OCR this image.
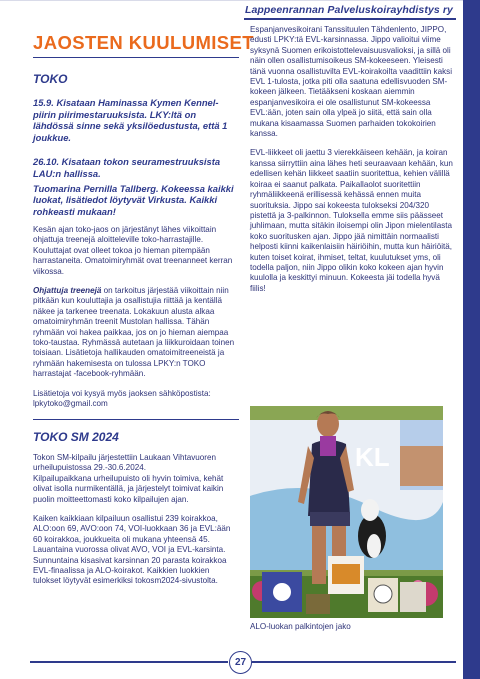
Lappeenrannan Palveluskoirayhdistys ry
JAOSTEN KUULUMISET
TOKO
15.9. Kisataan Haminassa Kymen Kennel-piirin piirimestaruuksista. LKY:ltä on lähdössä sinne sekä yksilöedustusta, että 1 joukkue.
26.10. Kisataan tokon seuramestruuksista LAU:n hallissa.
Tuomarina Pernilla Tallberg. Kokeessa kaikki luokat, lisätiedot löytyvät Virkusta. Kaikki rohkeasti mukaan!

Kesän ajan toko-jaos on järjestänyt lähes viikoittain ohjattuja treenejä aloitteleville toko-harrastajille. Kouluttajat ovat olleet tokoa jo hieman pitempään harrastaneita. Omatoimiryhmät ovat treenanneet kerran viikossa.

Ohjattuja treenejä on tarkoitus järjestää viikoittain niin pitkään kun kouluttajia ja osallistujia riittää ja kentällä näkee ja tarkenee treenata. Lokakuun alusta alkaa omatoimiryhmän treenit Mustolan hallissa. Tähän ryhmään voi hakea paikkaa, jos on jo hieman aiempaa toko-taustaa. Ryhmässä autetaan ja liikkuroidaan toinen toisiaan. Lisätietoja hallikauden omatoimitreeneistä ja ryhmään hakemisesta on tulossa LPKY:n TOKO harrastajat -facebook-ryhmään.

Lisätietoja voi kysyä myös jaoksen sähköpostista: lpkytoko@gmail.com

TOKO SM 2024

Tokon SM-kilpailu järjestettiin Laukaan Vihtavuoren urheilupuistossa 29.-30.6.2024.

Kilpailupaikkana urheilupuisto oli hyvin toimiva, kehät olivat isolla nurmikentällä, ja järjestelyt toimivat kaikin puolin moitteettomasti koko kilpailujen ajan.

Kaiken kaikkiaan kilpailuun osallistui 239 koirakkoa, ALO:oon 69, AVO:oon 74, VOI-luokkaan 36 ja EVL:ään 60 koirakkoa, joukkueita oli mukana yhteensä 45. Lauantaina vuorossa olivat AVO, VOI ja EVL-karsinta. Sunnuntaina kisasivat karsinnan 20 parasta koirakkoa EVL-finaalissa ja ALO-koirakot. Kaikkien luokkien tulokset löytyvät esimerkiksi tokosm2024-sivustolta.

Espanjanvesikoirani Tanssituulen Tähdenlento, JIPPO, edusti LPKY:tä EVL-karsinnassa. Jippo valioitui viime syksynä Suomen erikoistottelevaisuusvalioksi, ja sillä oli näin ollen osallistumisoikeus SM-kokeeseen. Yleisesti tänä vuonna osallistuvilta EVL-koirakoilta vaadittiin kaksi EVL 1-tulosta, jotka piti olla saatuna edellisvuoden SM-kokeen jälkeen. Tietääkseni koskaan aiemmin espanjanvesikoira ei ole osallistunut SM-kokeessa EVL:ään, joten sain olla ylpeä jo siitä, että sain olla mukana kisaamassa Suomen parhaiden tokokoirien kanssa.

EVL-liikkeet oli jaettu 3 vierekkäiseen kehään, ja koiran kanssa siirryttiin aina lähes heti seuraavaan kehään, kun edellisen kehän liikkeet saatiin suoritettua, kehien välillä koiraa ei saanut palkata. Paikallaolot suoritettiin ryhmäliikkeenä erillisessä kehässä ennen muita suorituksia. Jippo sai kokeesta tulokseksi 204/320 pistettä ja 3-palkinnon. Tuloksella emme siis päässeet juhlimaan, mutta sitäkin iloisempi olin Jipon mielentilasta koko suoritusken ajan. Jippo jää nimittäin normaalisti helposti kiinni kaikenlaisiin häiriöihin, mutta kun häiriöitä, kuten toiset koirat, ihmiset, teltat, kuulutukset yms, oli todella paljon, niin Jippo olikin koko kokeen ajan hyvin kuulolla ja keskittyi minuun. Kokeesta jäi todella hyvä fiilis!

KL
ALO-luokan palkintojen jako
27
